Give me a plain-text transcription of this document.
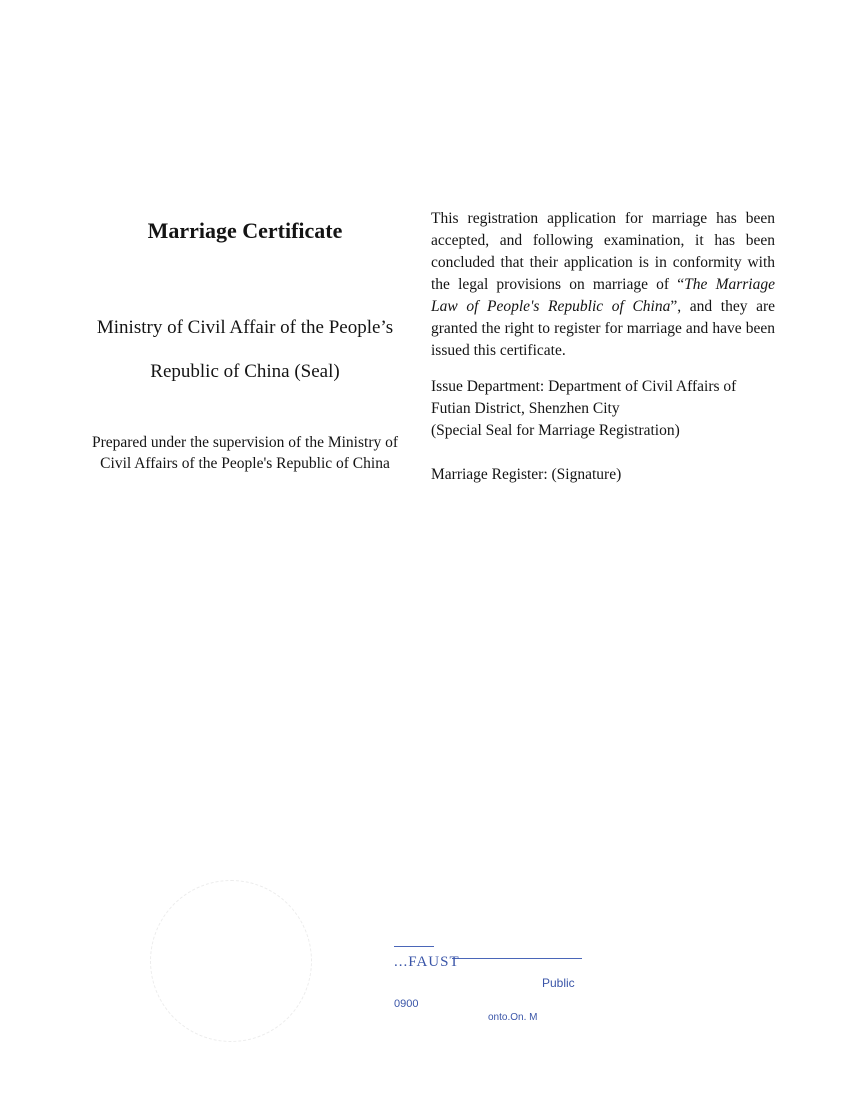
Marriage Certificate
Ministry of Civil Affair of the People’s
Republic of China (Seal)
Prepared under the supervision of the Ministry of
Civil Affairs of the People's Republic of China

This registration application for marriage has been accepted, and following examination, it has been concluded that their application is in conformity with the legal provisions on marriage of “The Marriage Law of People's Republic of China”, and they are granted the right to register for marriage and have been issued this certificate.

Issue Department: Department of Civil Affairs of
Futian District, Shenzhen City
(Special Seal for Marriage Registration)
Marriage Register: (Signature)
...FAUST
Public
0900
onto.On. M
